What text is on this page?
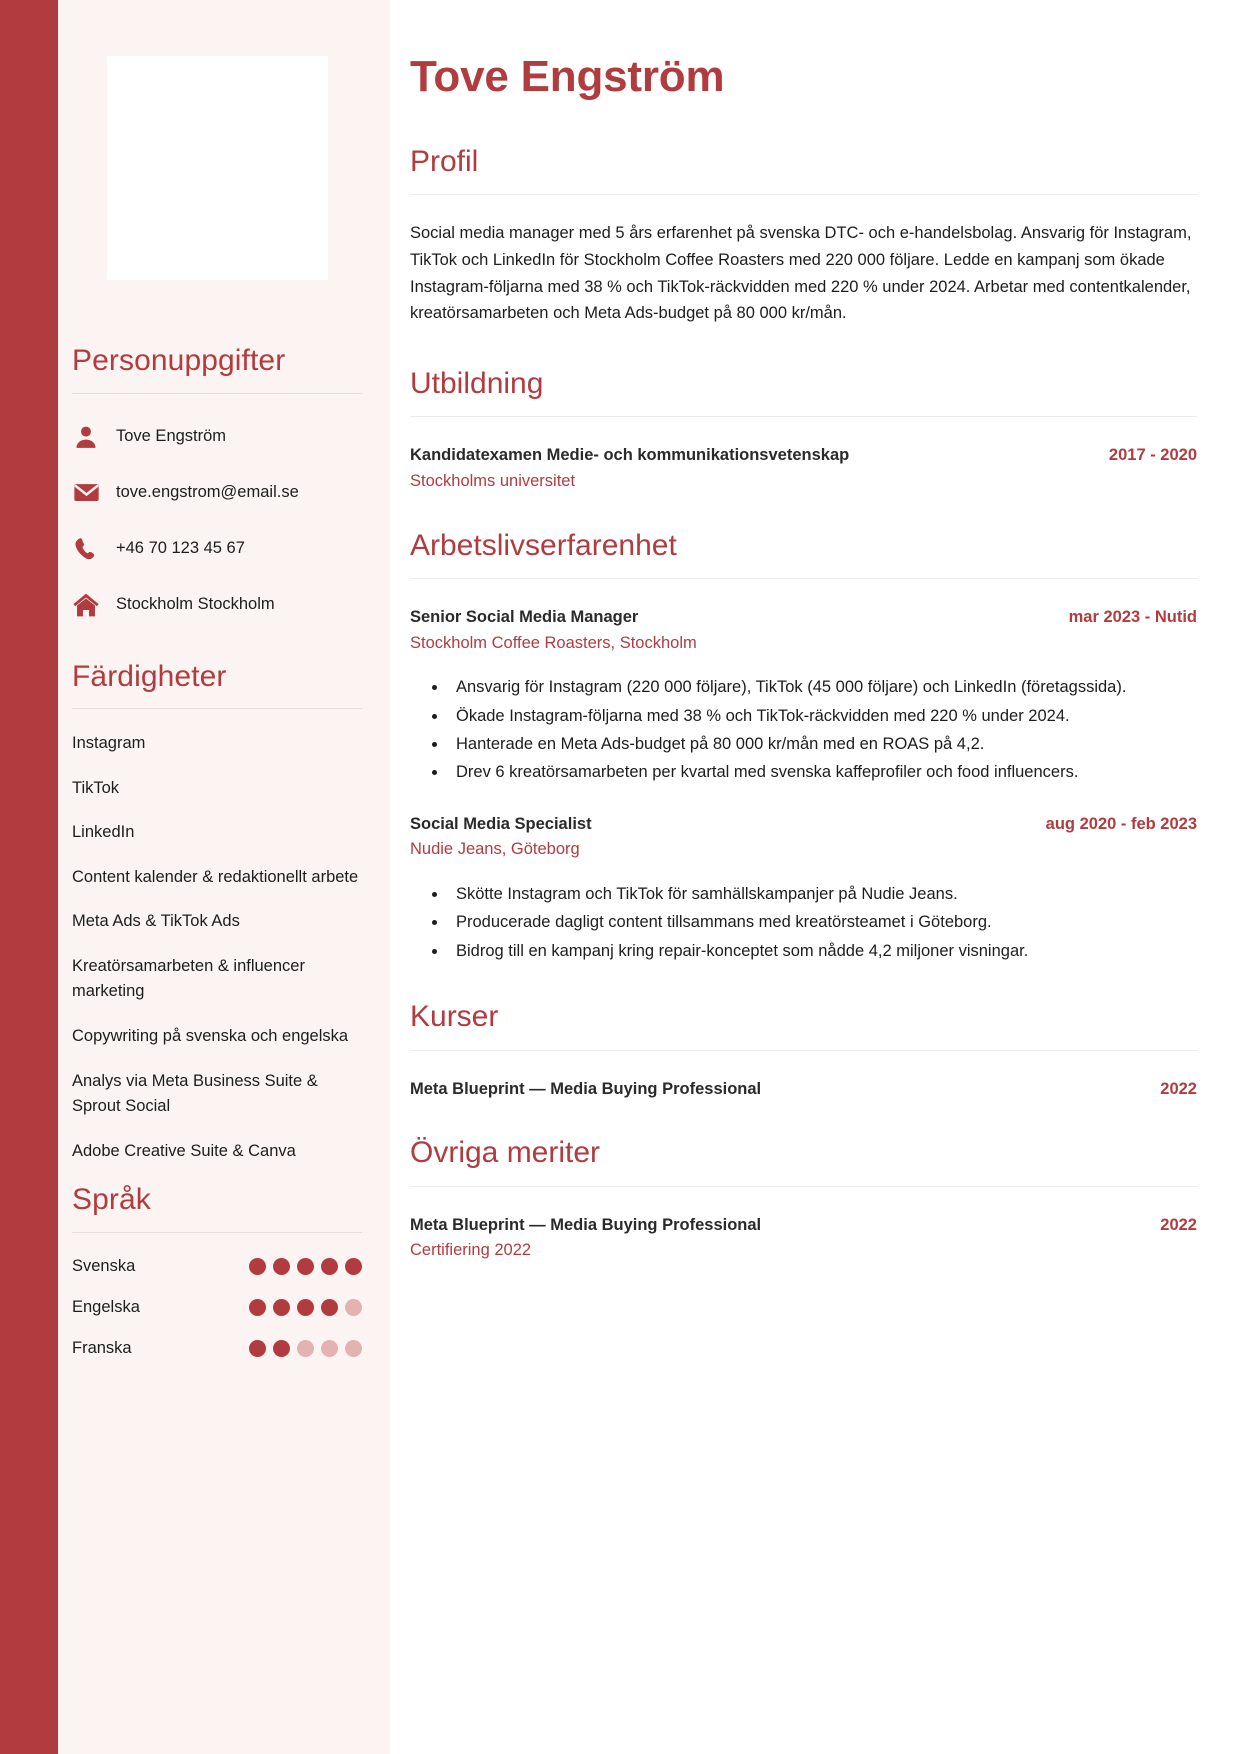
Personuppgifter
Tove Engström
tove.engstrom@email.se
+46 70 123 45 67
Stockholm Stockholm
Färdigheter
Instagram
TikTok
LinkedIn
Content kalender & redaktionellt arbete
Meta Ads & TikTok Ads
Kreatörsamarbeten & influencer marketing
Copywriting på svenska och engelska
Analys via Meta Business Suite & Sprout Social
Adobe Creative Suite & Canva
Språk
Svenska
Engelska
Franska
Tove Engström
Profil

Social media manager med 5 års erfarenhet på svenska DTC- och e-handelsbolag. Ansvarig för Instagram, TikTok och LinkedIn för Stockholm Coffee Roasters med 220 000 följare. Ledde en kampanj som ökade Instagram-följarna med 38 % och TikTok-räckvidden med 220 % under 2024. Arbetar med contentkalender, kreatörsamarbeten och Meta Ads-budget på 80 000 kr/mån.

Utbildning
Kandidatexamen Medie- och kommunikationsvetenskap	2017 - 2020
Stockholms universitet
Arbetslivserfarenhet
Senior Social Media Manager	mar 2023 - Nutid
Stockholm Coffee Roasters, Stockholm
• Ansvarig för Instagram (220 000 följare), TikTok (45 000 följare) och LinkedIn (företagssida).
• Ökade Instagram-följarna med 38 % och TikTok-räckvidden med 220 % under 2024.
• Hanterade en Meta Ads-budget på 80 000 kr/mån med en ROAS på 4,2.
• Drev 6 kreatörsamarbeten per kvartal med svenska kaffeprofiler och food influencers.
Social Media Specialist	aug 2020 - feb 2023
Nudie Jeans, Göteborg
• Skötte Instagram och TikTok för samhällskampanjer på Nudie Jeans.
• Producerade dagligt content tillsammans med kreatörsteamet i Göteborg.
• Bidrog till en kampanj kring repair-konceptet som nådde 4,2 miljoner visningar.
Kurser
Meta Blueprint — Media Buying Professional	2022
Övriga meriter
Meta Blueprint — Media Buying Professional	2022
Certifiering 2022
